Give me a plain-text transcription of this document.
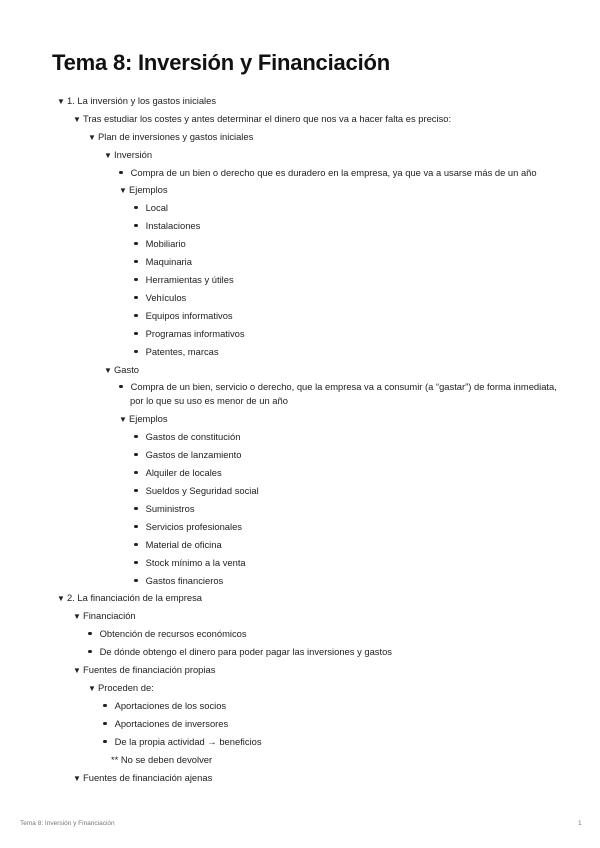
Tema 8: Inversión y Financiación
▼ 1. La inversión y los gastos iniciales
▼ Tras estudiar los costes y antes determinar el dinero que nos va a hacer falta es preciso:
▼ Plan de inversiones y gastos iniciales
▼ Inversión
Compra de un bien o derecho que es duradero en la empresa, ya que va a usarse más de un año
▼ Ejemplos
Local
Instalaciones
Mobiliario
Maquinaria
Herramientas y útiles
Vehículos
Equipos informativos
Programas informativos
Patentes, marcas
▼ Gasto
Compra de un bien, servicio o derecho, que la empresa va a consumir (a “gastar”) de forma inmediata,
por lo que su uso es menor de un año
▼ Ejemplos
Gastos de constitución
Gastos de lanzamiento
Alquiler de locales
Sueldos y Seguridad social
Suministros
Servicios profesionales
Material de oficina
Stock mínimo a la venta
Gastos financieros
▼ 2. La financiación de la empresa
▼ Financiación
Obtención de recursos económicos
De dónde obtengo el dinero para poder pagar las inversiones y gastos
▼ Fuentes de financiación propias
▼ Proceden de:
Aportaciones de los socios
Aportaciones de inversores
De la propia actividad → beneficios
** No se deben devolver
▼ Fuentes de financiación ajenas
Tema 8: Inversión y Financiación	1
